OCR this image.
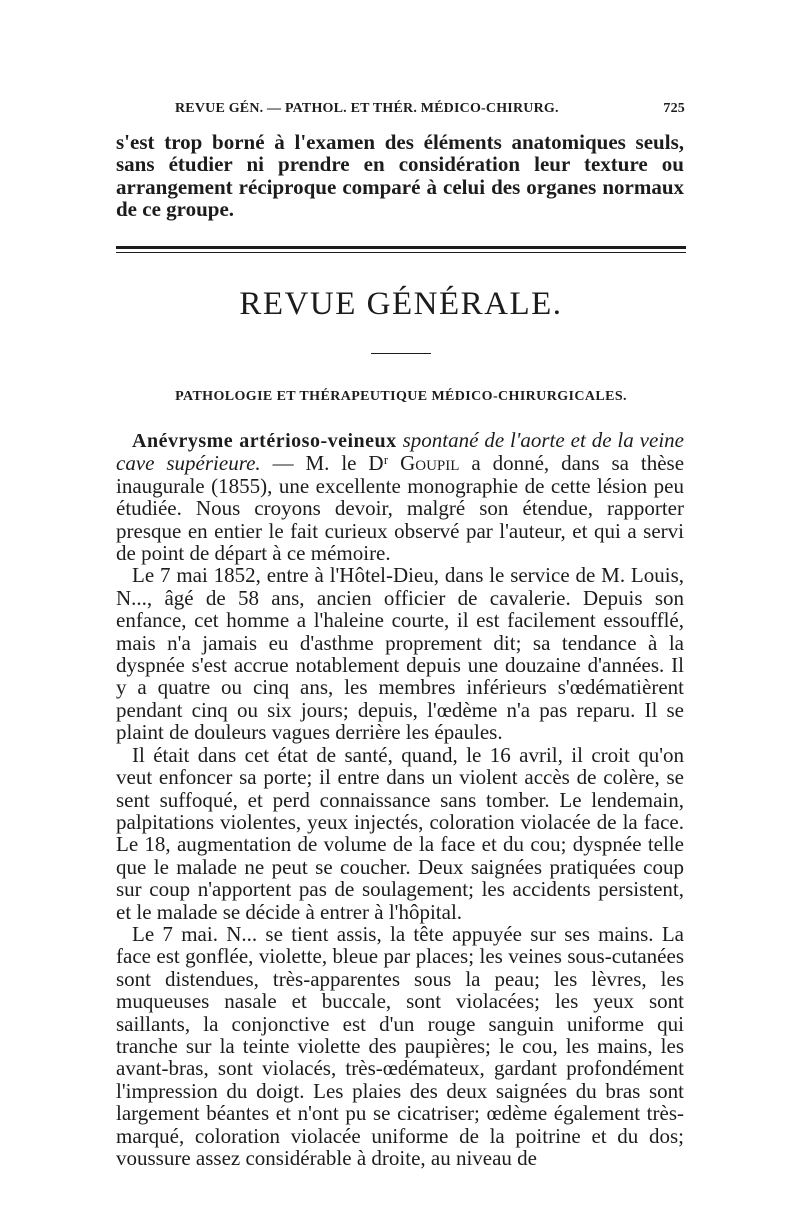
REVUE GÉN. — PATHOL. ET THÉR. MÉDICO-CHIRURG.	725
s'est trop borné à l'examen des éléments anatomiques seuls, sans étudier ni prendre en considération leur texture ou arrangement réciproque comparé à celui des organes normaux de ce groupe.
REVUE GÉNÉRALE.
PATHOLOGIE ET THÉRAPEUTIQUE MÉDICO-CHIRURGICALES.

Anévrysme artérioso-veineux spontané de l'aorte et de la veine cave supérieure. — M. le Dʳ Goupil a donné, dans sa thèse inaugurale (1855), une excellente monographie de cette lésion peu étudiée. Nous croyons devoir, malgré son étendue, rapporter presque en entier le fait curieux observé par l'auteur, et qui a servi de point de départ à ce mémoire.

Le 7 mai 1852, entre à l'Hôtel-Dieu, dans le service de M. Louis, N..., âgé de 58 ans, ancien officier de cavalerie. Depuis son enfance, cet homme a l'haleine courte, il est facilement essoufflé, mais n'a jamais eu d'asthme proprement dit; sa tendance à la dyspnée s'est accrue notablement depuis une douzaine d'années. Il y a quatre ou cinq ans, les membres inférieurs s'œdématièrent pendant cinq ou six jours; depuis, l'œdème n'a pas reparu. Il se plaint de douleurs vagues derrière les épaules.

Il était dans cet état de santé, quand, le 16 avril, il croit qu'on veut enfoncer sa porte; il entre dans un violent accès de colère, se sent suffoqué, et perd connaissance sans tomber. Le lendemain, palpitations violentes, yeux injectés, coloration violacée de la face. Le 18, augmentation de volume de la face et du cou; dyspnée telle que le malade ne peut se coucher. Deux saignées pratiquées coup sur coup n'apportent pas de soulagement; les accidents persistent, et le malade se décide à entrer à l'hôpital.

Le 7 mai. N... se tient assis, la tête appuyée sur ses mains. La face est gonflée, violette, bleue par places; les veines sous-cutanées sont distendues, très-apparentes sous la peau; les lèvres, les muqueuses nasale et buccale, sont violacées; les yeux sont saillants, la conjonctive est d'un rouge sanguin uniforme qui tranche sur la teinte violette des paupières; le cou, les mains, les avant-bras, sont violacés, très-œdémateux, gardant profondément l'impression du doigt. Les plaies des deux saignées du bras sont largement béantes et n'ont pu se cicatriser; œdème également très-marqué, coloration violacée uniforme de la poitrine et du dos; voussure assez considérable à droite, au niveau de
